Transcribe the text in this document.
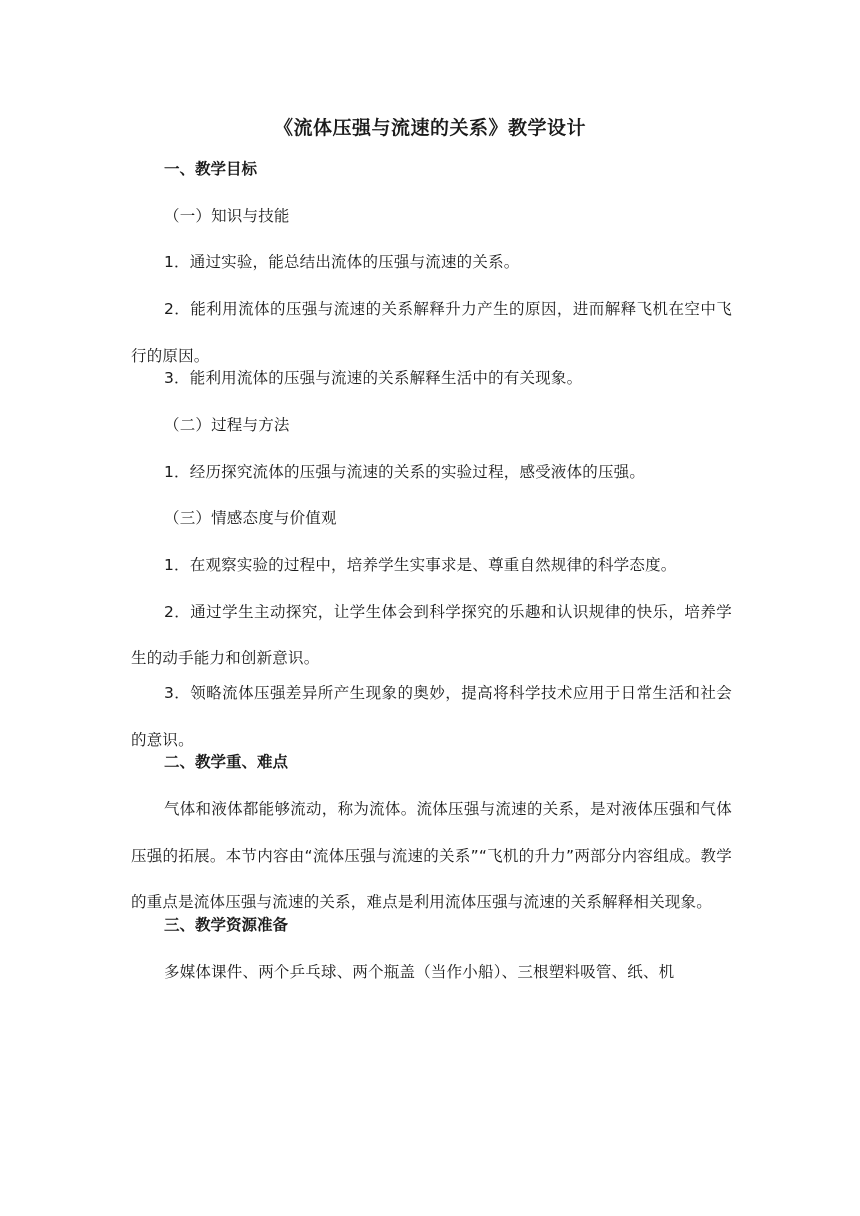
《流体压强与流速的关系》教学设计
一、教学目标
（一）知识与技能
1．通过实验，能总结出流体的压强与流速的关系。
2．能利用流体的压强与流速的关系解释升力产生的原因，进而解释飞机在空中飞行的原因。
3．能利用流体的压强与流速的关系解释生活中的有关现象。
（二）过程与方法
1．经历探究流体的压强与流速的关系的实验过程，感受液体的压强。
（三）情感态度与价值观
1．在观察实验的过程中，培养学生实事求是、尊重自然规律的科学态度。
2．通过学生主动探究，让学生体会到科学探究的乐趣和认识规律的快乐，培养学生的动手能力和创新意识。
3．领略流体压强差异所产生现象的奥妙，提高将科学技术应用于日常生活和社会的意识。
二、教学重、难点
气体和液体都能够流动，称为流体。流体压强与流速的关系，是对液体压强和气体压强的拓展。本节内容由“流体压强与流速的关系”“飞机的升力”两部分内容组成。教学的重点是流体压强与流速的关系，难点是利用流体压强与流速的关系解释相关现象。
三、教学资源准备
多媒体课件、两个乒乓球、两个瓶盖（当作小船）、三根塑料吸管、纸、机
